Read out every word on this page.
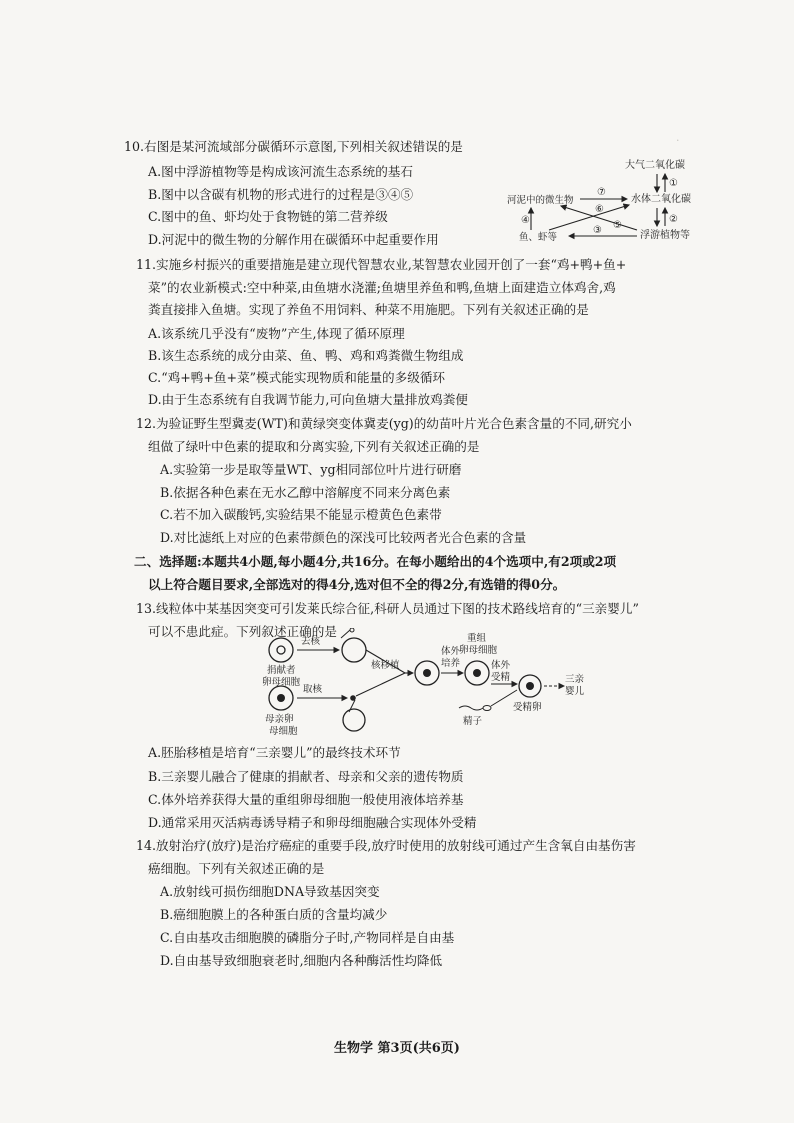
·
10.右图是某河流域部分碳循环示意图,下列相关叙述错误的是
A.图中浮游植物等是构成该河流生态系统的基石
B.图中以含碳有机物的形式进行的过程是③④⑤
C.图中的鱼、虾均处于食物链的第二营养级
D.河泥中的微生物的分解作用在碳循环中起重要作用
大气二氧化碳
水体二氧化碳
河泥中的微生物
浮游植物等
鱼、虾等
①
②
⑦
⑥
⑤
④
③
11.实施乡村振兴的重要措施是建立现代智慧农业,某智慧农业园开创了一套“鸡+鸭+鱼+
菜”的农业新模式:空中种菜,由鱼塘水浇灌;鱼塘里养鱼和鸭,鱼塘上面建造立体鸡舍,鸡
粪直接排入鱼塘。实现了养鱼不用饲料、种菜不用施肥。下列有关叙述正确的是
A.该系统几乎没有“废物”产生,体现了循环原理
B.该生态系统的成分由菜、鱼、鸭、鸡和鸡粪微生物组成
C.“鸡+鸭+鱼+菜”模式能实现物质和能量的多级循环
D.由于生态系统有自我调节能力,可向鱼塘大量排放鸡粪便
12.为验证野生型冀麦(WT)和黄绿突变体冀麦(yg)的幼苗叶片光合色素含量的不同,研究小
组做了绿叶中色素的提取和分离实验,下列有关叙述正确的是
A.实验第一步是取等量WT、yg相同部位叶片进行研磨
B.依据各种色素在无水乙醇中溶解度不同来分离色素
C.若不加入碳酸钙,实验结果不能显示橙黄色色素带
D.对比滤纸上对应的色素带颜色的深浅可比较两者光合色素的含量
二、选择题:本题共4小题,每小题4分,共16分。在每小题给出的4个选项中,有2项或2项
以上符合题目要求,全部选对的得4分,选对但不全的得2分,有选错的得0分。
13.线粒体中某基因突变可引发莱氏综合征,科研人员通过下图的技术路线培育的“三亲婴儿”
可以不患此症。下列叙述正确的是
捐献者
卵母细胞
去核
母亲卵
母细胞
取核
核移植
体外
培养
重组
卵母细胞
体外
受精
精子
受精卵
三亲
婴儿
A.胚胎移植是培育“三亲婴儿”的最终技术环节
B.三亲婴儿融合了健康的捐献者、母亲和父亲的遗传物质
C.体外培养获得大量的重组卵母细胞一般使用液体培养基
D.通常采用灭活病毒诱导精子和卵母细胞融合实现体外受精
14.放射治疗(放疗)是治疗癌症的重要手段,放疗时使用的放射线可通过产生含氧自由基伤害
癌细胞。下列有关叙述正确的是
A.放射线可损伤细胞DNA导致基因突变
B.癌细胞膜上的各种蛋白质的含量均减少
C.自由基攻击细胞膜的磷脂分子时,产物同样是自由基
D.自由基导致细胞衰老时,细胞内各种酶活性均降低
生物学 第3页(共6页)
